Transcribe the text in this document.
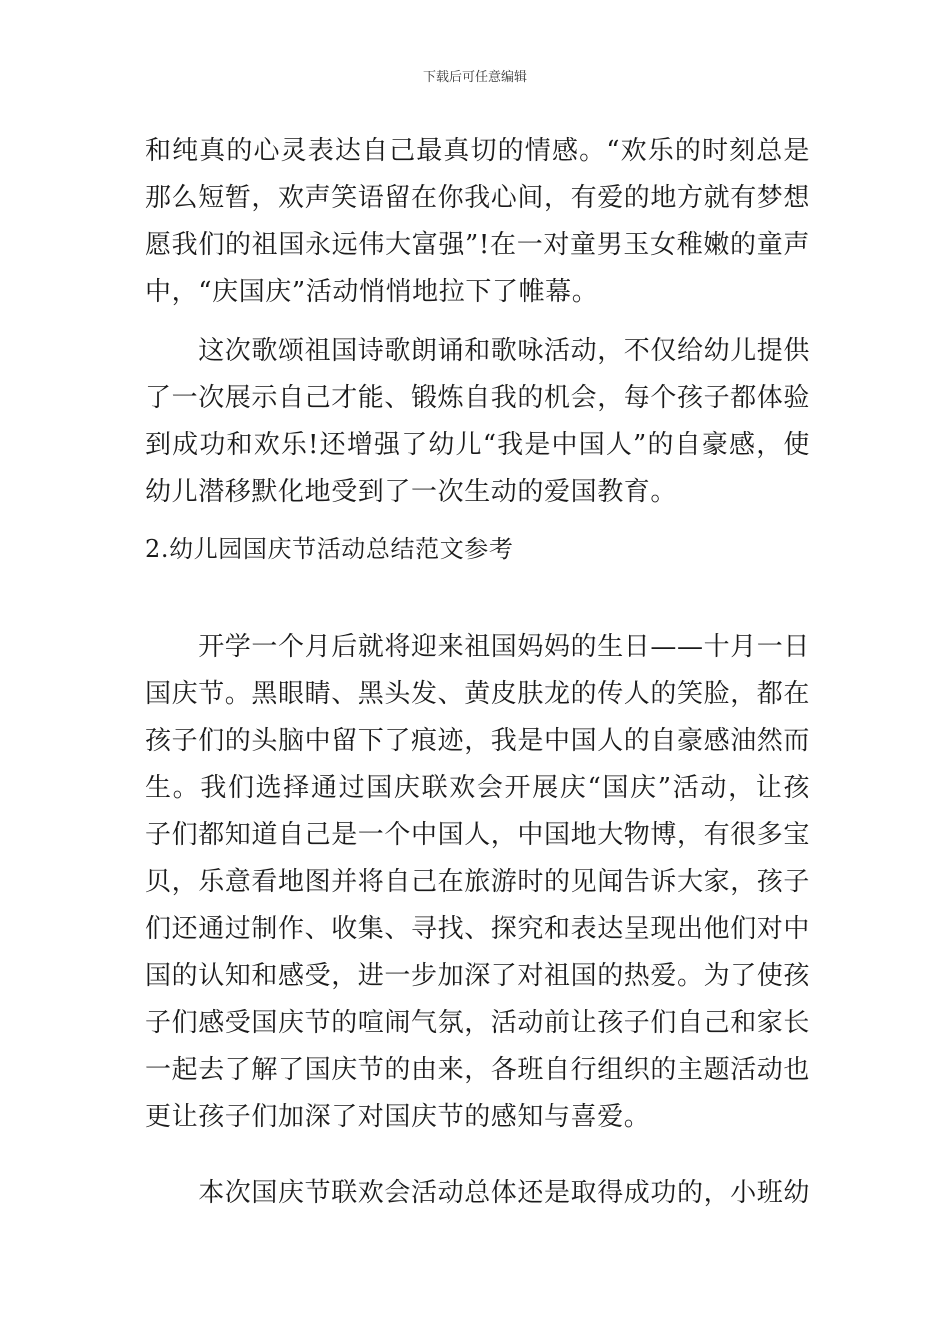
下载后可任意编辑
和纯真的心灵表达自己最真切的情感。“欢乐的时刻总是
那么短暂，欢声笑语留在你我心间，有爱的地方就有梦想
愿我们的祖国永远伟大富强”!在一对童男玉女稚嫩的童声
中，“庆国庆”活动悄悄地拉下了帷幕。
　　这次歌颂祖国诗歌朗诵和歌咏活动，不仅给幼儿提供
了一次展示自己才能、锻炼自我的机会，每个孩子都体验
到成功和欢乐!还增强了幼儿“我是中国人”的自豪感，使
幼儿潜移默化地受到了一次生动的爱国教育。
2.幼儿园国庆节活动总结范文参考
　　开学一个月后就将迎来祖国妈妈的生日——十月一日
国庆节。黑眼睛、黑头发、黄皮肤龙的传人的笑脸，都在
孩子们的头脑中留下了痕迹，我是中国人的自豪感油然而
生。我们选择通过国庆联欢会开展庆“国庆”活动，让孩
子们都知道自己是一个中国人，中国地大物博，有很多宝
贝，乐意看地图并将自己在旅游时的见闻告诉大家，孩子
们还通过制作、收集、寻找、探究和表达呈现出他们对中
国的认知和感受，进一步加深了对祖国的热爱。为了使孩
子们感受国庆节的喧闹气氛，活动前让孩子们自己和家长
一起去了解了国庆节的由来，各班自行组织的主题活动也
更让孩子们加深了对国庆节的感知与喜爱。
　　本次国庆节联欢会活动总体还是取得成功的，小班幼
